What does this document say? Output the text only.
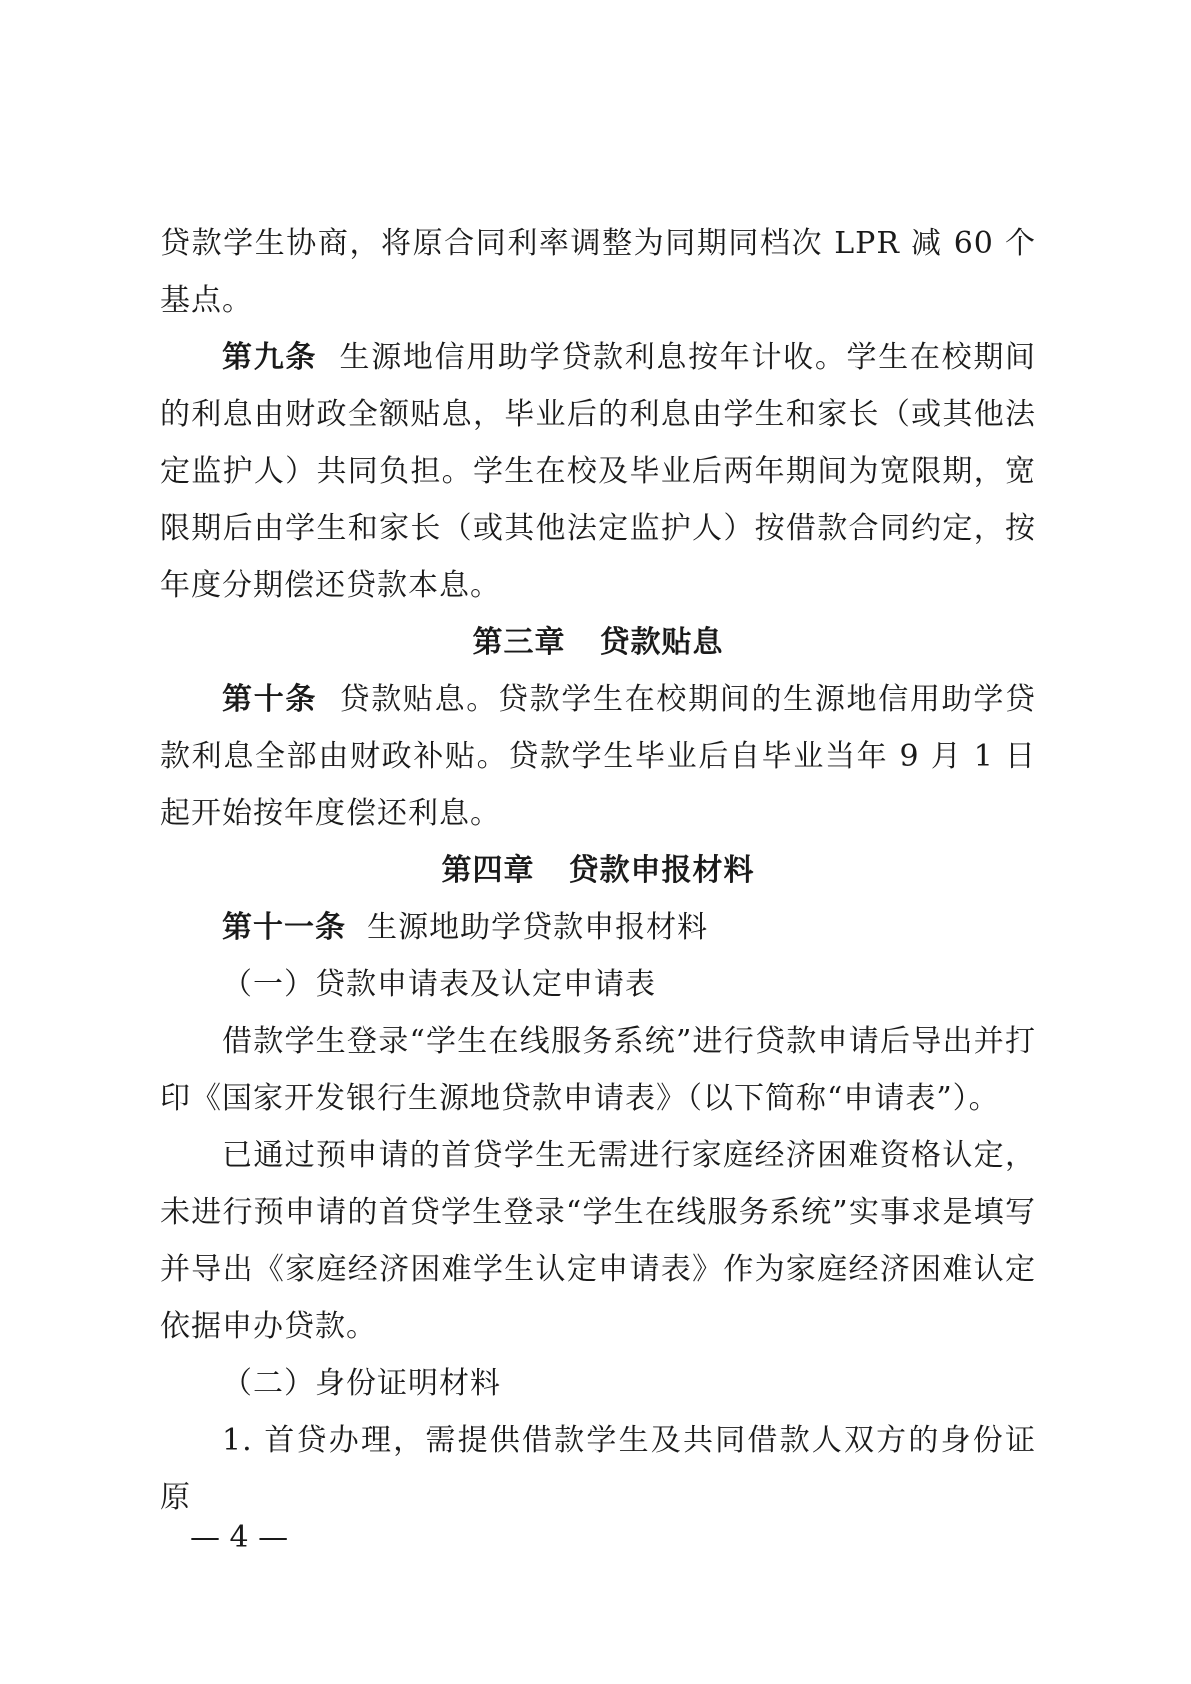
贷款学生协商，将原合同利率调整为同期同档次 LPR 减 60 个基点。

第九条 生源地信用助学贷款利息按年计收。学生在校期间的利息由财政全额贴息，毕业后的利息由学生和家长（或其他法定监护人）共同负担。学生在校及毕业后两年期间为宽限期，宽限期后由学生和家长（或其他法定监护人）按借款合同约定，按年度分期偿还贷款本息。

第三章 贷款贴息

第十条 贷款贴息。贷款学生在校期间的生源地信用助学贷款利息全部由财政补贴。贷款学生毕业后自毕业当年 9 月 1 日起开始按年度偿还利息。

第四章 贷款申报材料

第十一条 生源地助学贷款申报材料

（一）贷款申请表及认定申请表

借款学生登录“学生在线服务系统”进行贷款申请后导出并打印《国家开发银行生源地贷款申请表》（以下简称“申请表”）。

已通过预申请的首贷学生无需进行家庭经济困难资格认定，未进行预申请的首贷学生登录“学生在线服务系统”实事求是填写并导出《家庭经济困难学生认定申请表》作为家庭经济困难认定依据申办贷款。

（二）身份证明材料

1. 首贷办理，需提供借款学生及共同借款人双方的身份证原

— 4 —
